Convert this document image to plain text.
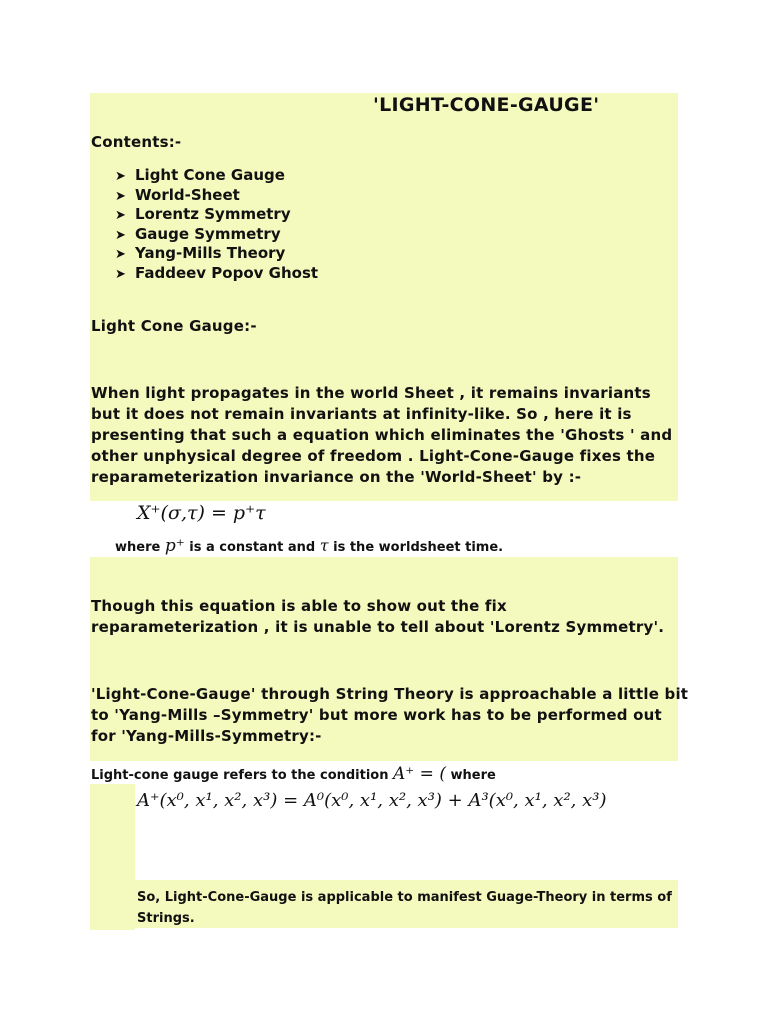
'LIGHT-CONE-GAUGE'
Contents:-
➤ Light Cone Gauge
➤ World-Sheet
➤ Lorentz Symmetry
➤ Gauge Symmetry
➤ Yang-Mills Theory
➤ Faddeev Popov Ghost
Light Cone Gauge:-
When light propagates in the world Sheet , it remains invariants
but it does not remain invariants at infinity-like. So , here it is
presenting that such a equation which eliminates the 'Ghosts ' and
other unphysical degree of freedom . Light-Cone-Gauge fixes the
reparameterization invariance on the 'World-Sheet' by :-
X⁺(σ,τ) = p⁺τ
where p⁺ is a constant and τ is the worldsheet time.
Though this equation is able to show out the fix
reparameterization , it is unable to tell about 'Lorentz Symmetry'.
'Light-Cone-Gauge' through String Theory is approachable a little bit
to 'Yang-Mills –Symmetry' but more work has to be performed out
for 'Yang-Mills-Symmetry:-
Light-cone gauge refers to the condition A⁺ = ( where
A⁺(x⁰, x¹, x², x³) = A⁰(x⁰, x¹, x², x³) + A³(x⁰, x¹, x², x³)
So, Light-Cone-Gauge is applicable to manifest Guage-Theory in terms of
Strings.
